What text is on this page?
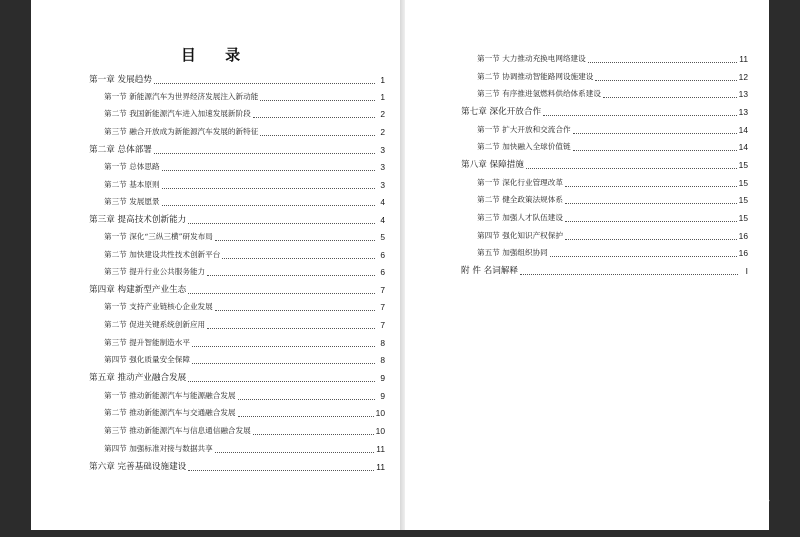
目 录
第一章 发展趋势	1
第一节 新能源汽车为世界经济发展注入新动能	1
第二节 我国新能源汽车进入加速发展新阶段	2
第三节 融合开放成为新能源汽车发展的新特征	2
第二章 总体部署	3
第一节 总体思路	3
第二节 基本原则	3
第三节 发展愿景	4
第三章 提高技术创新能力	4
第一节 深化“三纵三横”研发布局	5
第二节 加快建设共性技术创新平台	6
第三节 提升行业公共服务能力	6
第四章 构建新型产业生态	7
第一节 支持产业链核心企业发展	7
第二节 促进关键系统创新应用	7
第三节 提升智能制造水平	8
第四节 强化质量安全保障	8
第五章 推动产业融合发展	9
第一节 推动新能源汽车与能源融合发展	9
第二节 推动新能源汽车与交通融合发展	10
第三节 推动新能源汽车与信息通信融合发展	10
第四节 加强标准对接与数据共享	11
第六章 完善基础设施建设	11
第一节 大力推动充换电网络建设	11
第二节 协调推动智能路网设施建设	12
第三节 有序推进氢燃料供给体系建设	13
第七章 深化开放合作	13
第一节 扩大开放和交流合作	14
第二节 加快融入全球价值链	14
第八章 保障措施	15
第一节 深化行业管理改革	15
第二节 健全政策法规体系	15
第三节 加强人才队伍建设	15
第四节 强化知识产权保护	16
第五节 加强组织协同	16
附 件 名词解释	I
车东西
